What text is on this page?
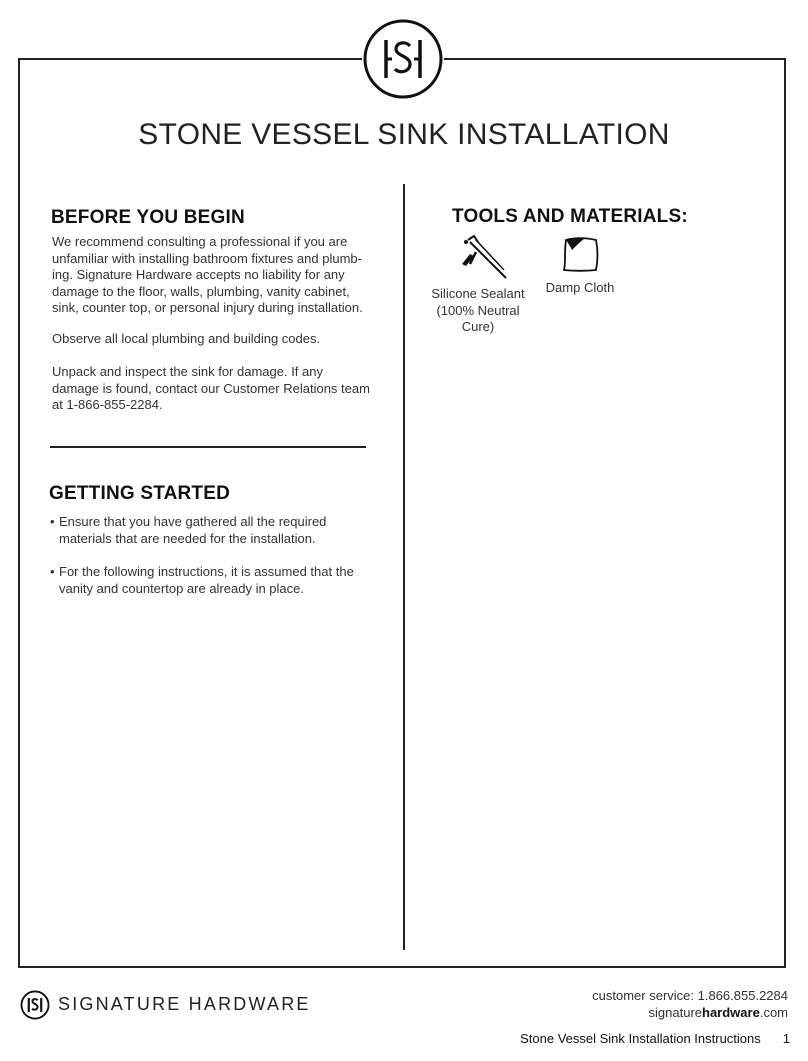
STONE VESSEL SINK INSTALLATION
BEFORE YOU BEGIN

We recommend consulting a professional if you are unfamiliar with installing bathroom fixtures and plumb-ing. Signature Hardware accepts no liability for any damage to the floor, walls, plumbing, vanity cabinet, sink, counter top, or personal injury during installation.

Observe all local plumbing and building codes.

Unpack and inspect the sink for damage. If any damage is found, contact our Customer Relations team at 1-866-855-2284.

GETTING STARTED
• Ensure that you have gathered all the required materials that are needed for the installation.
• For the following instructions, it is assumed that the vanity and countertop are already in place.
TOOLS AND MATERIALS:
Silicone Sealant (100% Neutral Cure)
Damp Cloth
SIGNATURE HARDWARE	customer service: 1.866.855.2284
signaturehardware.com
Stone Vessel Sink Installation Instructions 1
